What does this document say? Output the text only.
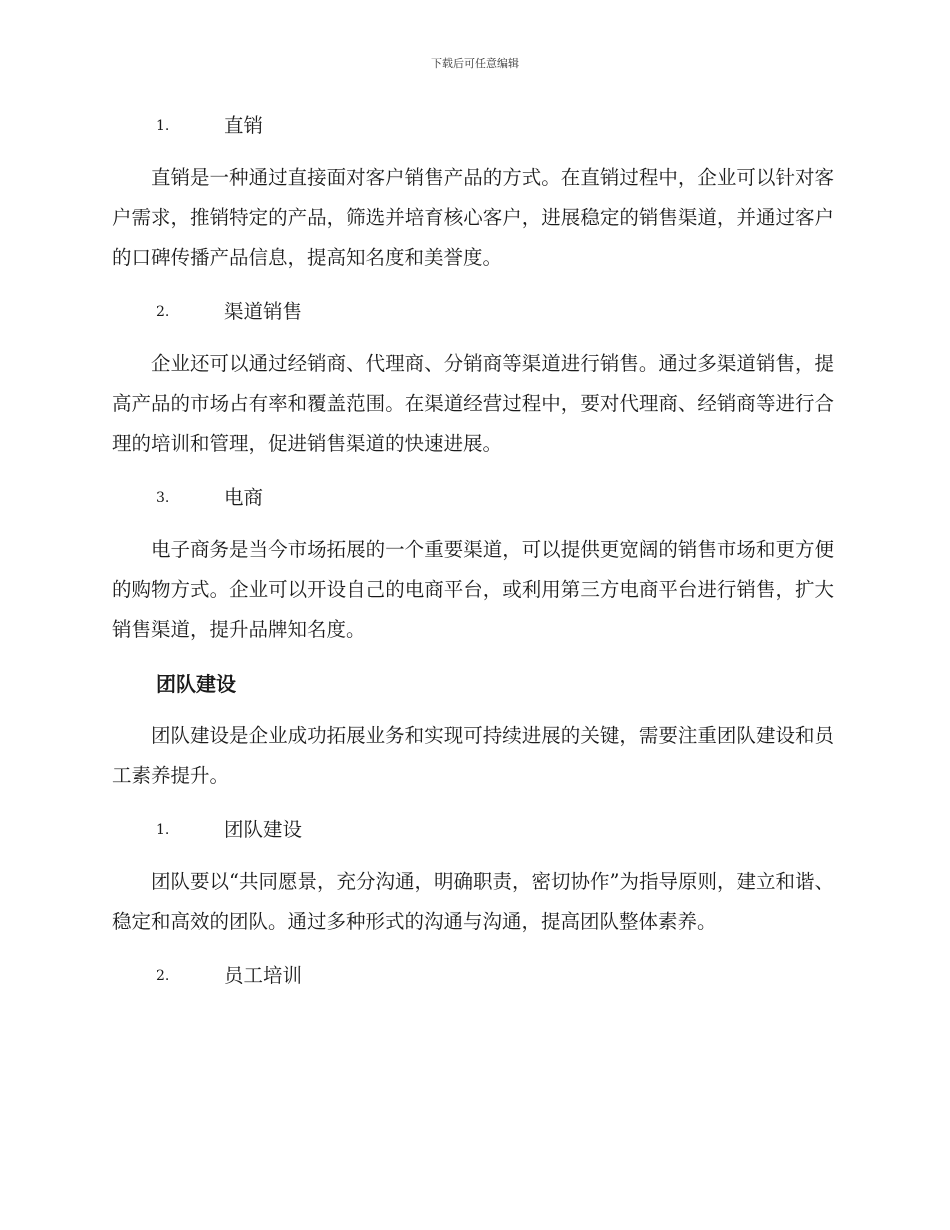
下载后可任意编辑
1.	直销

直销是一种通过直接面对客户销售产品的方式。在直销过程中，企业可以针对客户需求，推销特定的产品，筛选并培育核心客户，进展稳定的销售渠道，并通过客户的口碑传播产品信息，提高知名度和美誉度。

2.	渠道销售

企业还可以通过经销商、代理商、分销商等渠道进行销售。通过多渠道销售，提高产品的市场占有率和覆盖范围。在渠道经营过程中，要对代理商、经销商等进行合理的培训和管理，促进销售渠道的快速进展。

3.	电商

电子商务是当今市场拓展的一个重要渠道，可以提供更宽阔的销售市场和更方便的购物方式。企业可以开设自己的电商平台，或利用第三方电商平台进行销售，扩大销售渠道，提升品牌知名度。

团队建设

团队建设是企业成功拓展业务和实现可持续进展的关键，需要注重团队建设和员工素养提升。

1.	团队建设

团队要以“共同愿景，充分沟通，明确职责，密切协作”为指导原则，建立和谐、稳定和高效的团队。通过多种形式的沟通与沟通，提高团队整体素养。

2.	员工培训
